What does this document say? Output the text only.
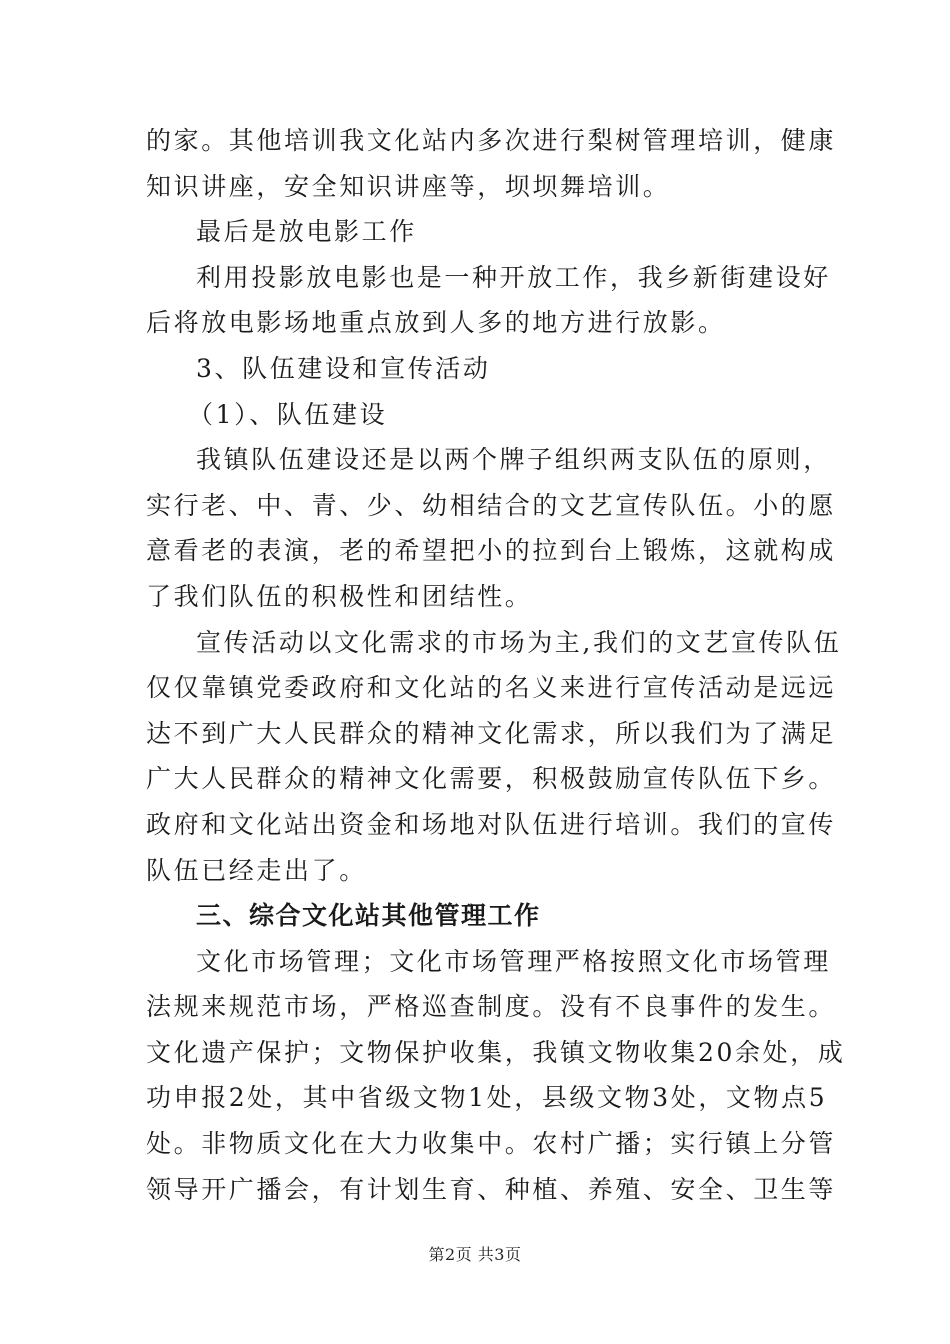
的家。其他培训我文化站内多次进行梨树管理培训，健康
知识讲座，安全知识讲座等，坝坝舞培训。
最后是放电影工作
利用投影放电影也是一种开放工作，我乡新街建设好
后将放电影场地重点放到人多的地方进行放影。
3、队伍建设和宣传活动
（1）、队伍建设
我镇队伍建设还是以两个牌子组织两支队伍的原则，
实行老、中、青、少、幼相结合的文艺宣传队伍。小的愿
意看老的表演，老的希望把小的拉到台上锻炼，这就构成
了我们队伍的积极性和团结性。
宣传活动以文化需求的市场为主,我们的文艺宣传队伍
仅仅靠镇党委政府和文化站的名义来进行宣传活动是远远
达不到广大人民群众的精神文化需求，所以我们为了满足
广大人民群众的精神文化需要，积极鼓励宣传队伍下乡。
政府和文化站出资金和场地对队伍进行培训。我们的宣传
队伍已经走出了。
三、综合文化站其他管理工作
文化市场管理；文化市场管理严格按照文化市场管理
法规来规范市场，严格巡查制度。没有不良事件的发生。
文化遗产保护；文物保护收集，我镇文物收集20余处，成
功申报2处，其中省级文物1处，县级文物3处，文物点5
处。非物质文化在大力收集中。农村广播；实行镇上分管
领导开广播会，有计划生育、种植、养殖、安全、卫生等
第2页 共3页
